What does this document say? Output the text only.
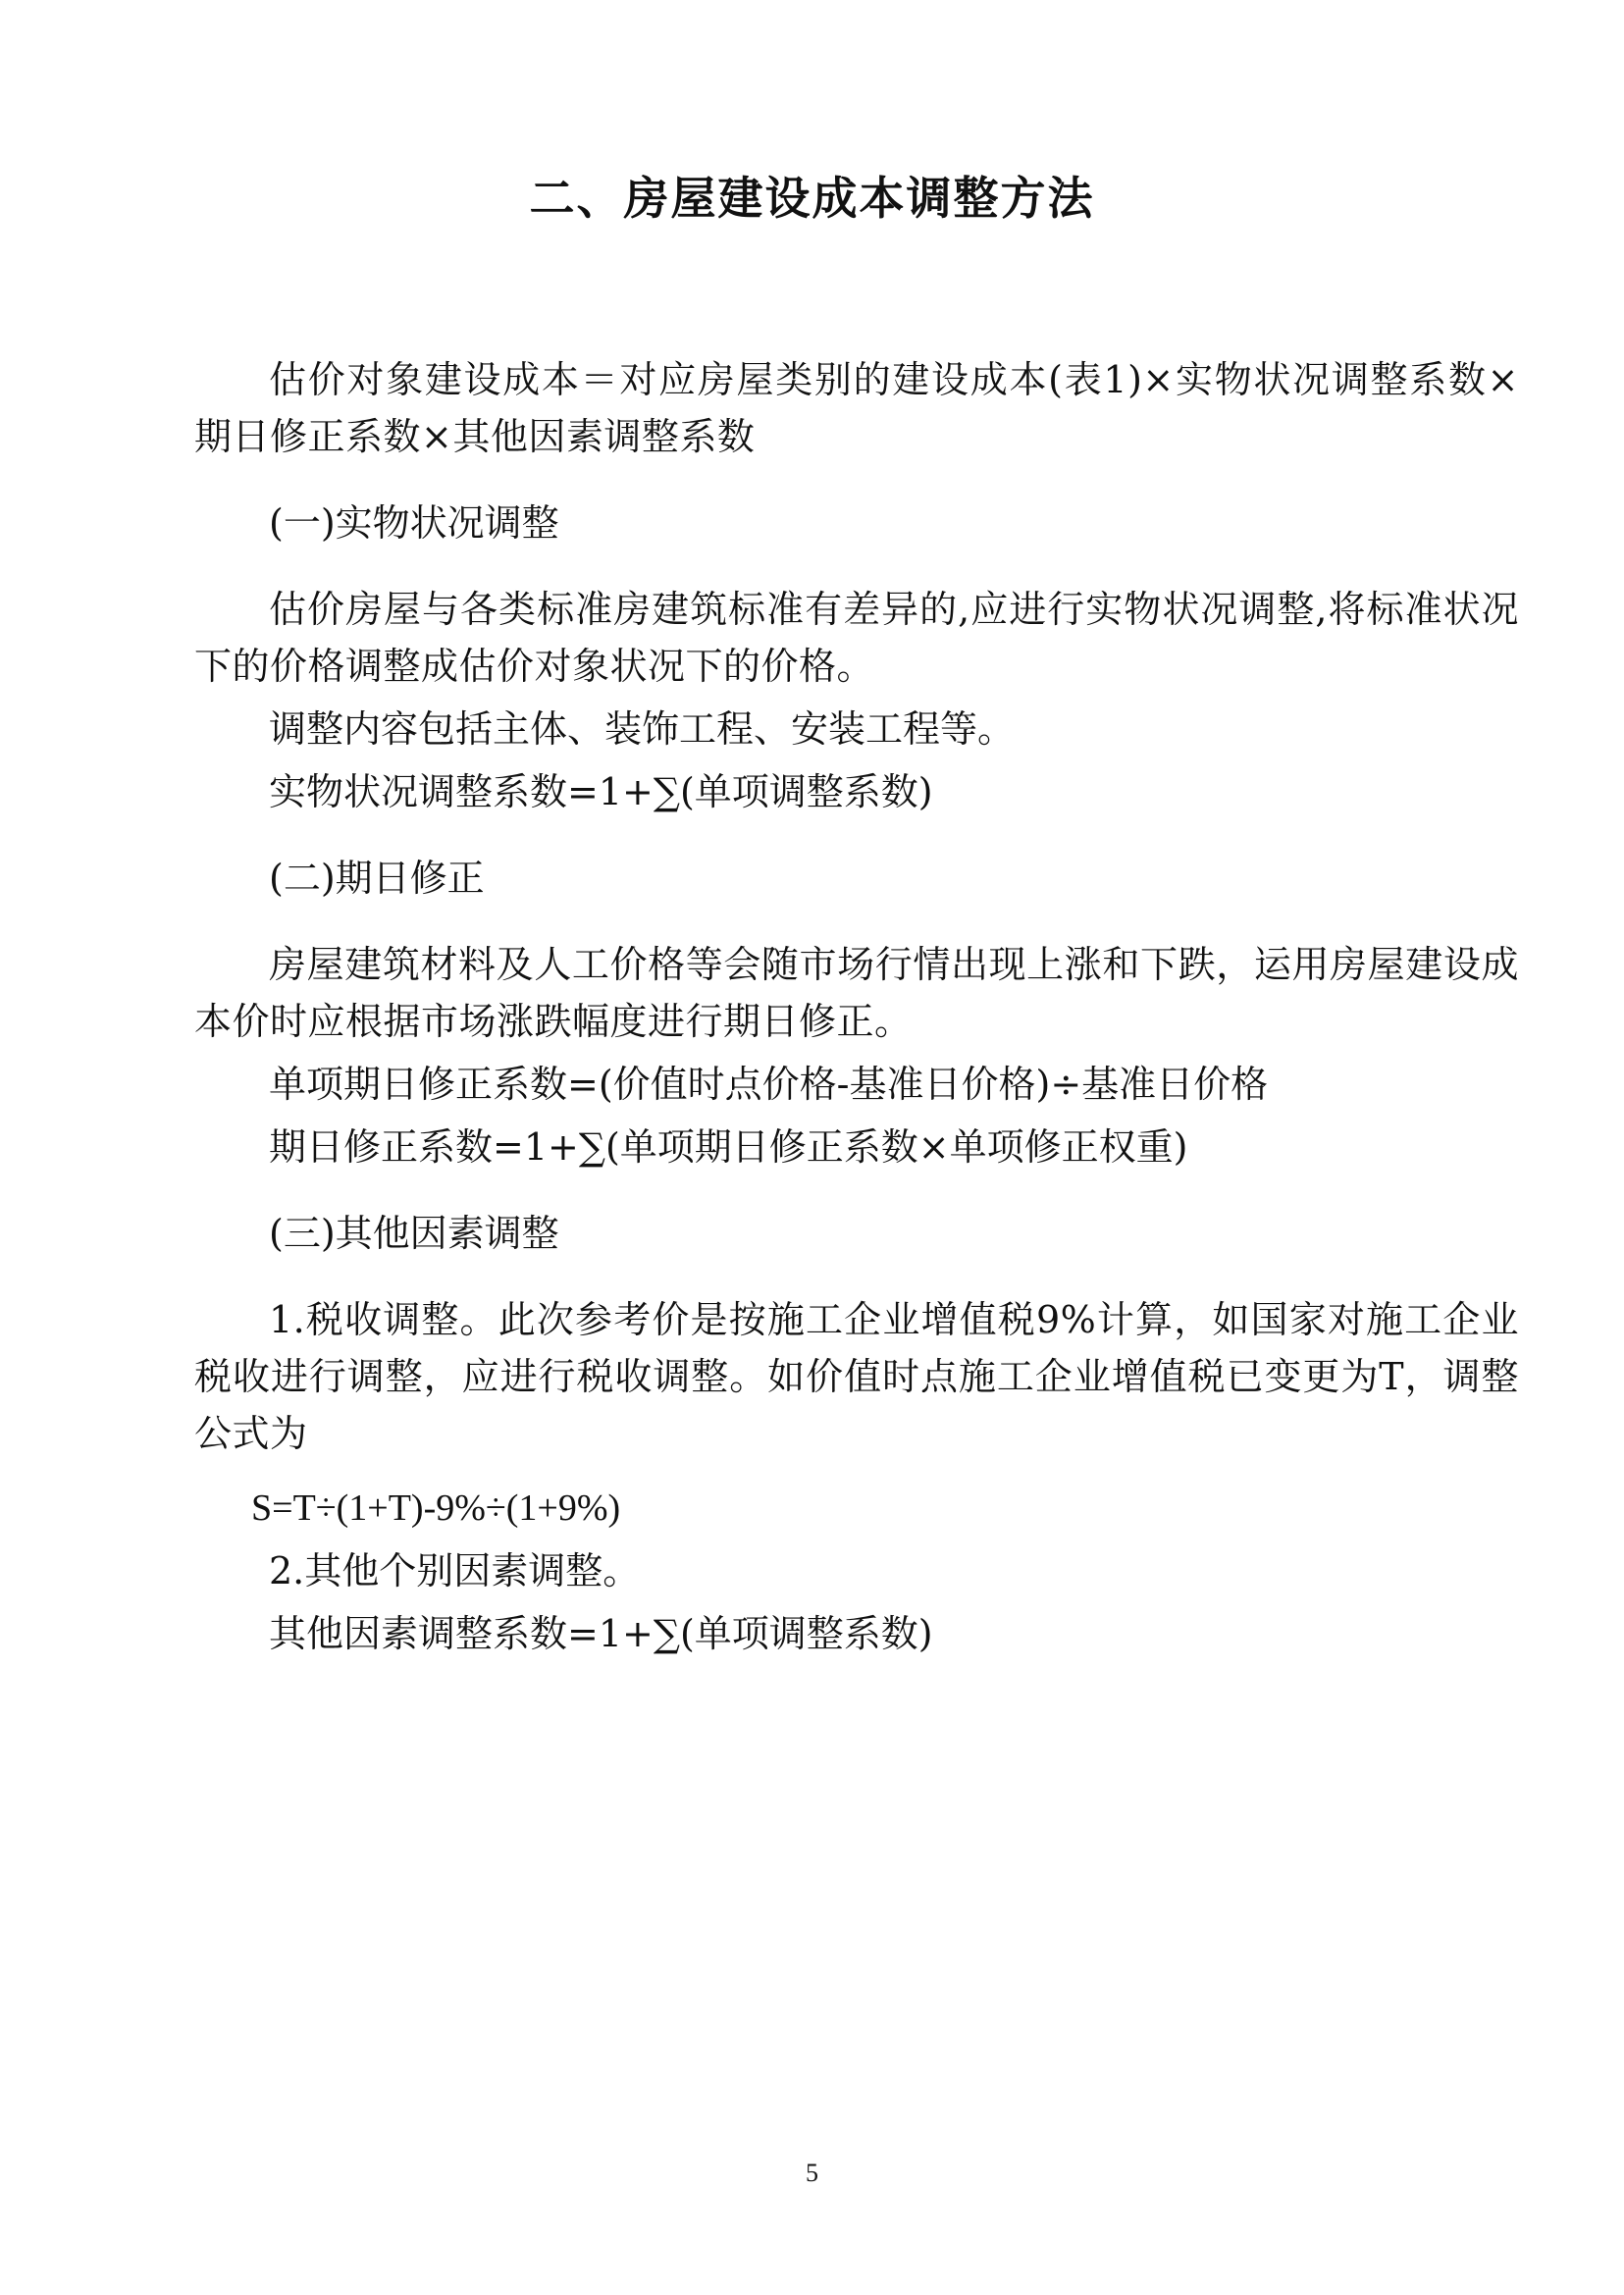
二、房屋建设成本调整方法

估价对象建设成本＝对应房屋类别的建设成本(表1)×实物状况调整系数×期日修正系数×其他因素调整系数

(一)实物状况调整

估价房屋与各类标准房建筑标准有差异的,应进行实物状况调整,将标准状况下的价格调整成估价对象状况下的价格。

调整内容包括主体、装饰工程、安装工程等。

实物状况调整系数=1+∑(单项调整系数)

(二)期日修正

房屋建筑材料及人工价格等会随市场行情出现上涨和下跌，运用房屋建设成本价时应根据市场涨跌幅度进行期日修正。

单项期日修正系数=(价值时点价格-基准日价格)÷基准日价格

期日修正系数=1+∑(单项期日修正系数×单项修正权重)

(三)其他因素调整

1.税收调整。此次参考价是按施工企业增值税9%计算，如国家对施工企业税收进行调整，应进行税收调整。如价值时点施工企业增值税已变更为T，调整公式为

S=T÷(1+T)-9%÷(1+9%)

2.其他个别因素调整。

其他因素调整系数=1+∑(单项调整系数)

5
